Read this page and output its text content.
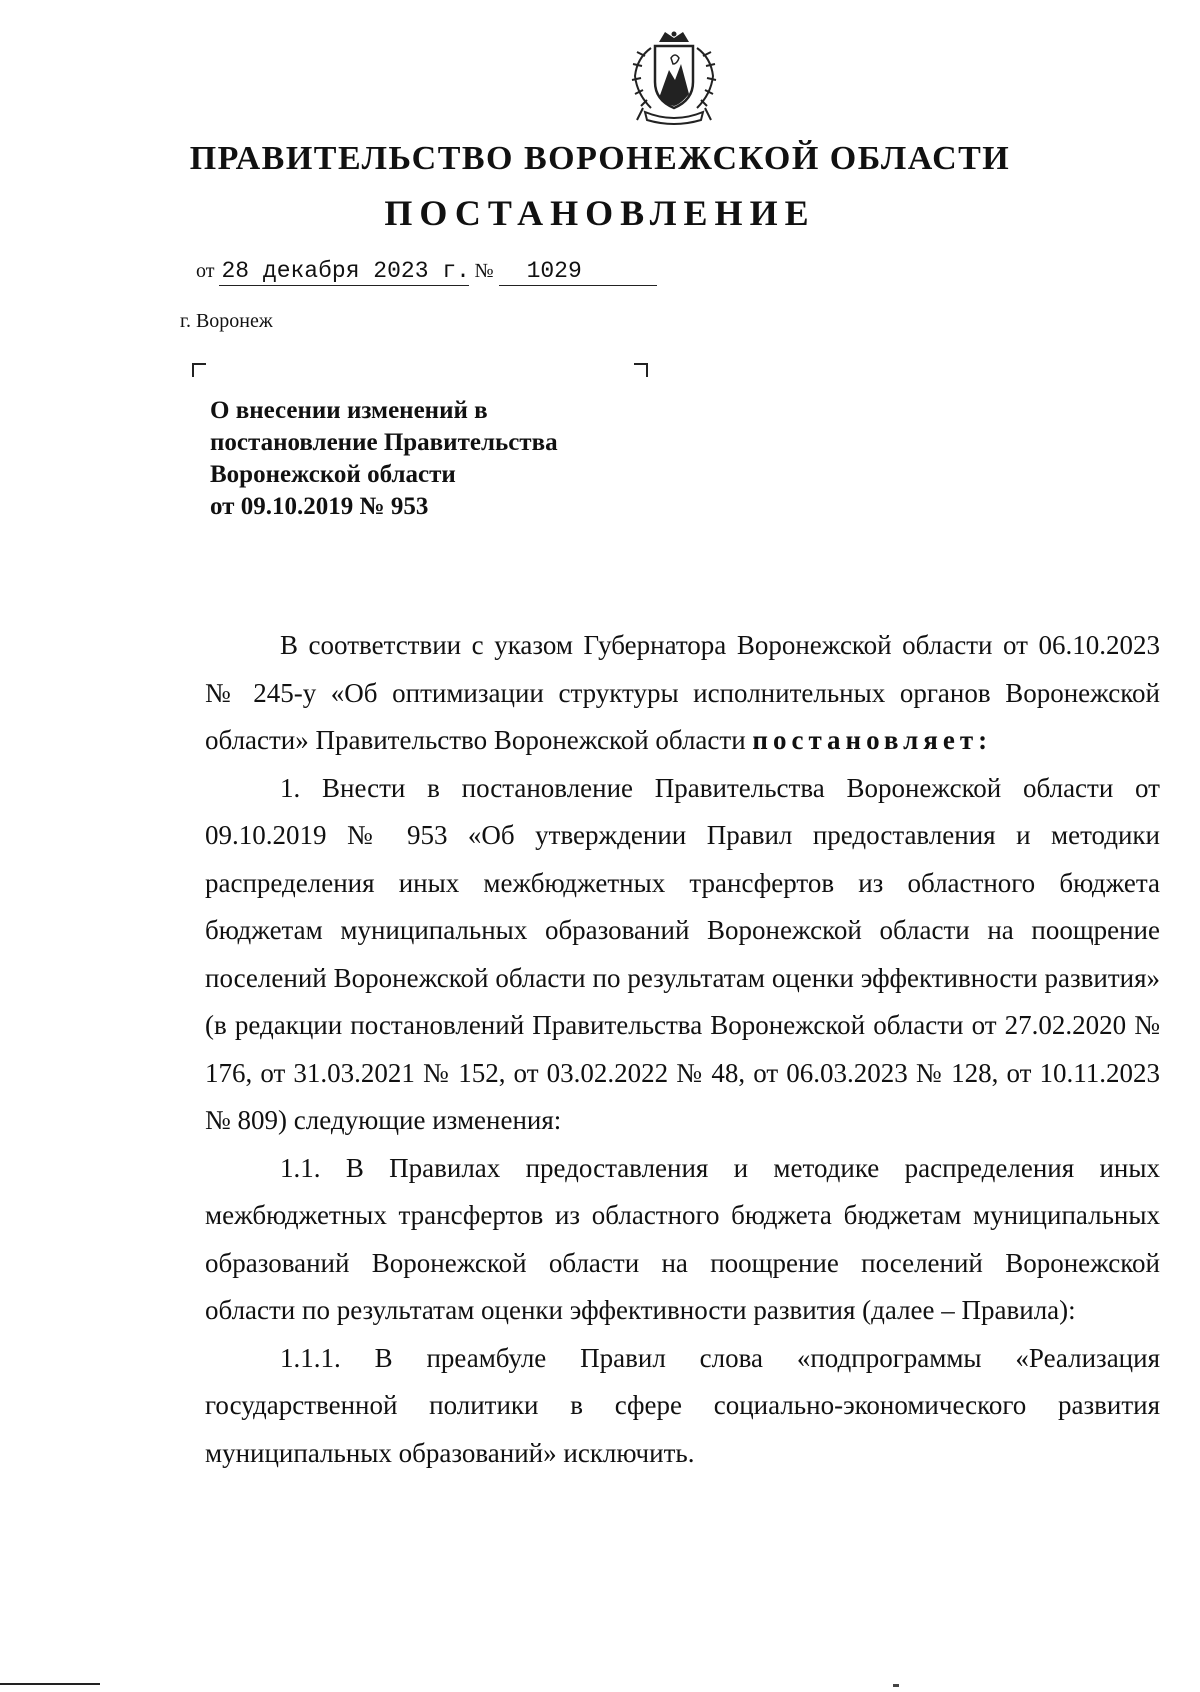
ПРАВИТЕЛЬСТВО ВОРОНЕЖСКОЙ ОБЛАСТИ
ПОСТАНОВЛЕНИЕ
от 28 декабря 2023 г. № 1029
г. Воронеж
О внесении изменений в
постановление Правительства
Воронежской области
от 09.10.2019 № 953

В соответствии с указом Губернатора Воронежской области от 06.10.2023 № 245-у «Об оптимизации структуры исполнительных органов Воронежской области» Правительство Воронежской области постановляет:

1. Внести в постановление Правительства Воронежской области от 09.10.2019 № 953 «Об утверждении Правил предоставления и методики распределения иных межбюджетных трансфертов из областного бюджета бюджетам муниципальных образований Воронежской области на поощрение поселений Воронежской области по результатам оценки эффективности развития» (в редакции постановлений Правительства Воронежской области от 27.02.2020 № 176, от 31.03.2021 № 152, от 03.02.2022 № 48, от 06.03.2023 № 128, от 10.11.2023 № 809) следующие изменения:

1.1. В Правилах предоставления и методике распределения иных межбюджетных трансфертов из областного бюджета бюджетам муниципальных образований Воронежской области на поощрение поселений Воронежской области по результатам оценки эффективности развития (далее – Правила):

1.1.1. В преамбуле Правил слова «подпрограммы «Реализация государственной политики в сфере социально-экономического развития муниципальных образований» исключить.
